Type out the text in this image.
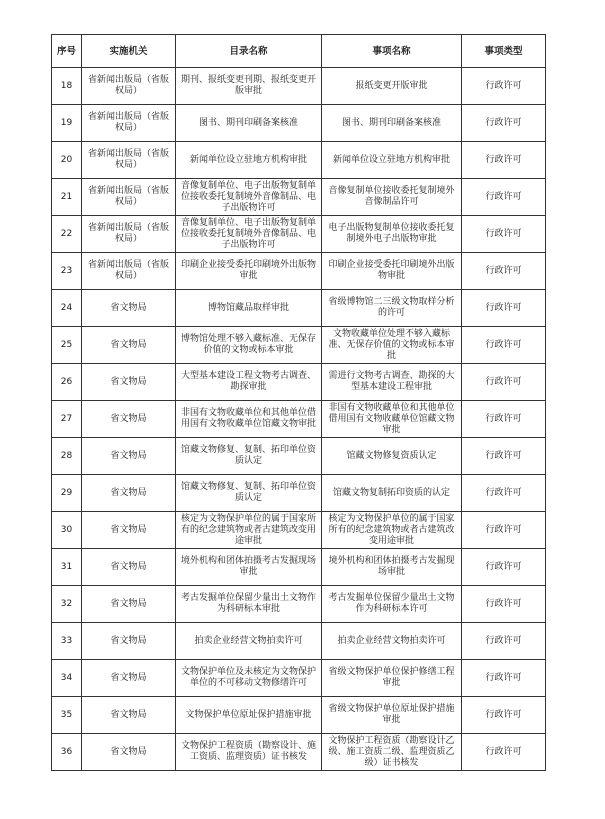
序号	实施机关	目录名称	事项名称	事项类型
18	省新闻出版局（省版权局）	期刊、报纸变更刊期、报纸变更开版审批	报纸变更开版审批	行政许可
19	省新闻出版局（省版权局）	图书、期刊印刷备案核准	图书、期刊印刷备案核准	行政许可
20	省新闻出版局（省版权局）	新闻单位设立驻地方机构审批	新闻单位设立驻地方机构审批	行政许可
21	省新闻出版局（省版权局）	音像复制单位、电子出版物复制单位接收委托复制境外音像制品、电子出版物许可	音像复制单位接收委托复制境外音像制品许可	行政许可
22	省新闻出版局（省版权局）	音像复制单位、电子出版物复制单位接收委托复制境外音像制品、电子出版物许可	电子出版物复制单位接收委托复制境外电子出版物审批	行政许可
23	省新闻出版局（省版权局）	印刷企业接受委托印刷境外出版物审批	印刷企业接受委托印刷境外出版物审批	行政许可
24	省文物局	博物馆藏品取样审批	省级博物馆二三级文物取样分析的许可	行政许可
25	省文物局	博物馆处理不够入藏标准、无保存价值的文物或标本审批	文物收藏单位处理不够入藏标准、无保存价值的文物或标本审批	行政许可
26	省文物局	大型基本建设工程文物考古调查、勘探审批	需进行文物考古调查、勘探的大型基本建设工程审批	行政许可
27	省文物局	非国有文物收藏单位和其他单位借用国有文物收藏单位馆藏文物审批	非国有文物收藏单位和其他单位借用国有文物收藏单位馆藏文物审批	行政许可
28	省文物局	馆藏文物修复、复制、拓印单位资质认定	馆藏文物修复资质认定	行政许可
29	省文物局	馆藏文物修复、复制、拓印单位资质认定	馆藏文物复制拓印资质的认定	行政许可
30	省文物局	核定为文物保护单位的属于国家所有的纪念建筑物或者古建筑改变用途审批	核定为文物保护单位的属于国家所有的纪念建筑物或者古建筑改变用途审批	行政许可
31	省文物局	境外机构和团体拍摄考古发掘现场审批	境外机构和团体拍摄考古发掘现场审批	行政许可
32	省文物局	考古发掘单位保留少量出土文物作为科研标本审批	考古发掘单位保留少量出土文物作为科研标本许可	行政许可
33	省文物局	拍卖企业经营文物拍卖许可	拍卖企业经营文物拍卖许可	行政许可
34	省文物局	文物保护单位及未核定为文物保护单位的不可移动文物修缮许可	省级文物保护单位保护修缮工程审批	行政许可
35	省文物局	文物保护单位原址保护措施审批	省级文物保护单位原址保护措施审批	行政许可
36	省文物局	文物保护工程资质（勘察设计、施工资质、监理资质）证书核发	文物保护工程资质（勘察设计乙级、施工资质二级、监理资质乙级）证书核发	行政许可
